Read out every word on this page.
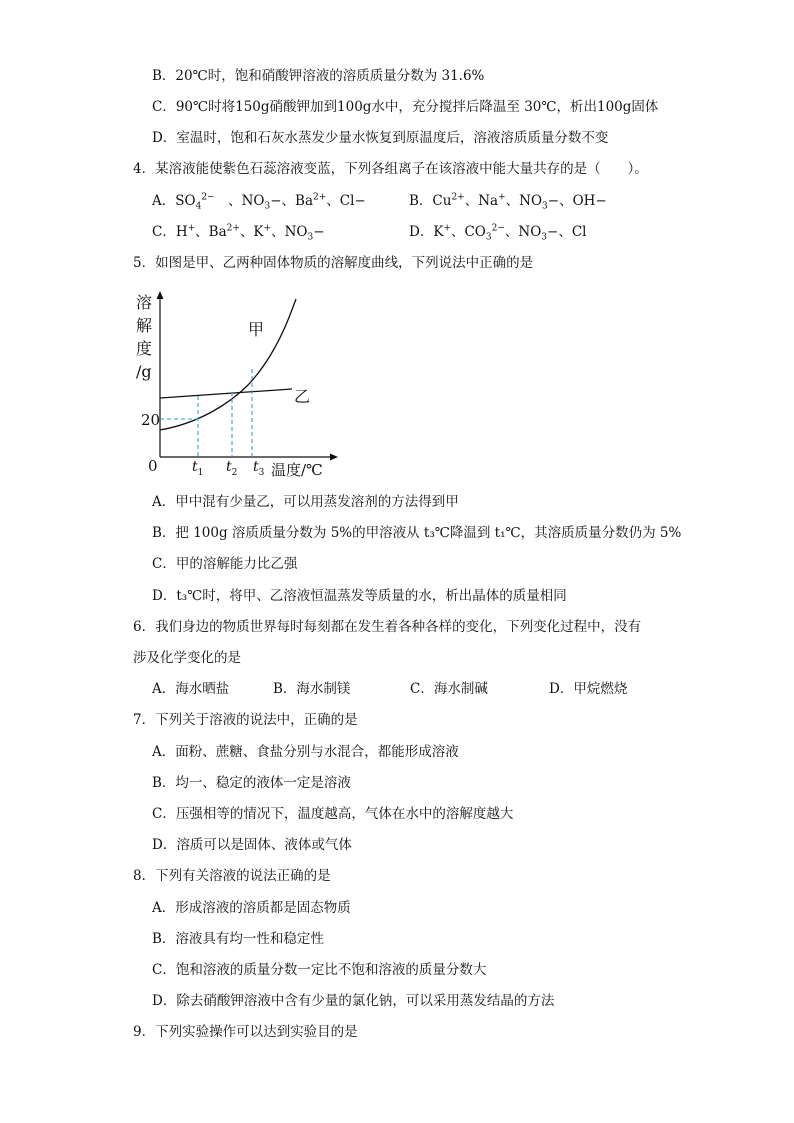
B．20℃时，饱和硝酸钾溶液的溶质质量分数为 31.6%
C．90℃时将150g硝酸钾加到100g水中，充分搅拌后降温至 30℃，析出100g固体
D．室温时，饱和石灰水蒸发少量水恢复到原温度后，溶液溶质质量分数不变
4．某溶液能使紫色石蕊溶液变蓝，下列各组离子在该溶液中能大量共存的是（　　）。
A．$SO_4^{2-}$　、$NO_3-$、$Ba^{2+}$、Cl−	B．$Cu^{2+}$、Na+、$NO_3-$、OH−
C．H+、$Ba^{2+}$、K+、$NO_3-$	D．K+、$CO_3^{2-}$、$NO_3-$、Cl
5．如图是甲、乙两种固体物质的溶解度曲线，下列说法中正确的是
溶
解
度
/g
0
20
$t_1$ $t_2$ $t_3$ 温度/℃
甲
乙
A．甲中混有少量乙，可以用蒸发溶剂的方法得到甲
B．把 100g 溶质质量分数为 5%的甲溶液从 t₃℃降温到 t₁℃，其溶质质量分数仍为 5%
C．甲的溶解能力比乙强
D．t₃℃时，将甲、乙溶液恒温蒸发等质量的水，析出晶体的质量相同
6．我们身边的物质世界每时每刻都在发生着各种各样的变化，下列变化过程中，没有
涉及化学变化的是
A．海水晒盐	B．海水制镁	C．海水制碱	D．甲烷燃烧
7．下列关于溶液的说法中，正确的是
A．面粉、蔗糖、食盐分别与水混合，都能形成溶液
B．均一、稳定的液体一定是溶液
C．压强相等的情况下，温度越高，气体在水中的溶解度越大
D．溶质可以是固体、液体或气体
8．下列有关溶液的说法正确的是
A．形成溶液的溶质都是固态物质
B．溶液具有均一性和稳定性
C．饱和溶液的质量分数一定比不饱和溶液的质量分数大
D．除去硝酸钾溶液中含有少量的氯化钠，可以采用蒸发结晶的方法
9．下列实验操作可以达到实验目的是
